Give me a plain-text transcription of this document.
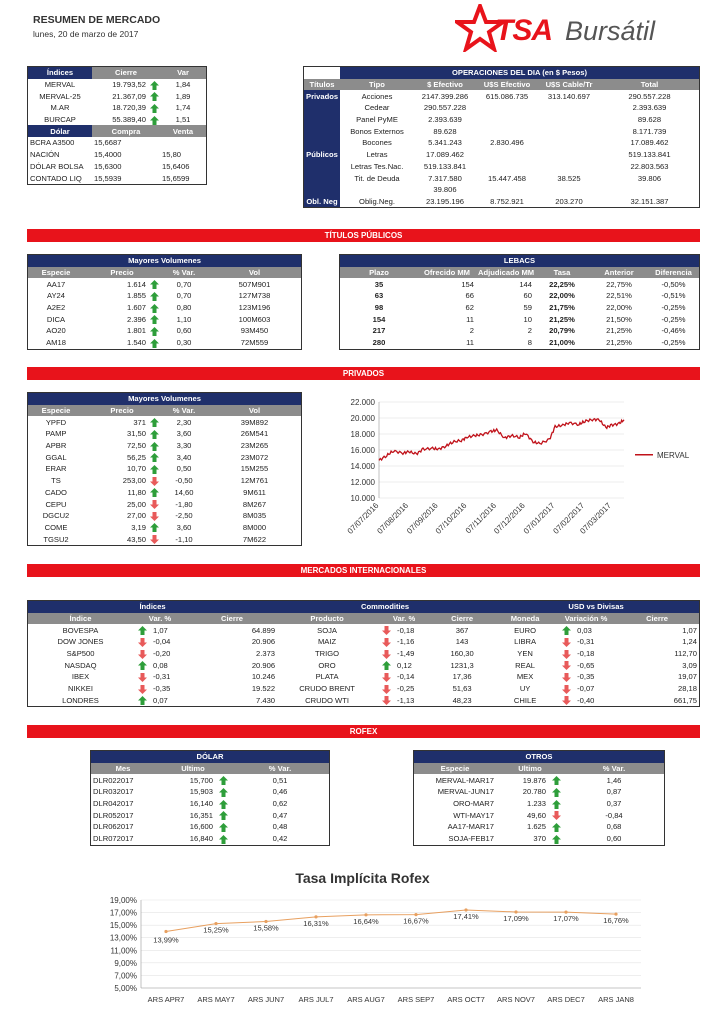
RESUMEN DE MERCADO
lunes, 20 de marzo de 2017	TSA Bursátil
Índices	Cierre		Var
MERVAL	19.793,52		1,84
MERVAL-25	21.367,09		1,89
M.AR	18.720,39		1,74
BURCAP	55.389,40		1,51
Dólar	Compra		Venta
BCRA A3500	15,6687		
NACIÓN	15,4000		15,80
DÓLAR BOLSA	15,6300		15,6406
CONTADO LIQ	15,5939		15,6599
	OPERACIONES DEL DIA (en $ Pesos)				
Títulos	Tipo	$ Efectivo	U$S Efectivo	U$S Cable/Tr	Total
Privados	Acciones	2147.399.286	615.086.735	313.140.697	290.557.228
	Cedear	290.557.228			2.393.639
	Panel PyME	2.393.639			89.628
	Bonos Externos	89.628			8.171.739
	Bocones	5.341.243	2.830.496		17.089.462
Públicos	Letras	17.089.462			519.133.841
	Letras Tes.Nac.	519.133.841			22.803.563
	Tit. de Deuda	7.317.580	15.447.458	38.525	39.806
		39.806			
Obl. Neg	Oblig.Neg.	23.195.196	8.752.921	203.270	32.151.387
TÍTULOS PÚBLICOS
Mayores Volumenes				
Especie	Precio		% Var.	Vol
AA17	1.614		0,70	507M901
AY24	1.855		0,70	127M738
A2E2	1.607		0,80	123M196
DICA	2.396		1,10	100M603
AO20	1.801		0,60	93M450
AM18	1.540		0,30	72M559
LEBACS					
Plazo	Ofrecido MM	Adjudicado MM	Tasa	Anterior	Diferencia
35	154	144	22,25%	22,75%	-0,50%
63	66	60	22,00%	22,51%	-0,51%
98	62	59	21,75%	22,00%	-0,25%
154	11	10	21,25%	21,50%	-0,25%
217	2	2	20,79%	21,25%	-0,46%
280	11	8	21,00%	21,25%	-0,25%
PRIVADOS
Mayores Volumenes				
Especie	Precio		% Var.	Vol
YPFD	371		2,30	39M892
PAMP	31,50		3,60	26M541
APBR	72,50		3,30	23M265
GGAL	56,25		3,40	23M072
ERAR	10,70		0,50	15M255
TS	253,00		-0,50	12M761
CADO	11,80		14,60	9M611
CEPU	25,00		-1,80	8M267
DGCU2	27,00		-2,50	8M035
COME	3,19		3,60	8M000
TGSU2	43,50		-1,10	7M622
22.000
20.000
18.000
16.000
14.000
12.000
10.000
07/07/2016
07/08/2016
07/09/2016
07/10/2016
07/11/2016
07/12/2016
07/01/2017
07/02/2017
07/03/2017
MERVAL
MERCADOS INTERNACIONALES
Índices				Commodities				USD vs Divisas			
Índice	Var. %		Cierre	Producto	Var. %		Cierre	Moneda	Variación %		Cierre
BOVESPA		1,07	64.899	SOJA		-0,18	367	EURO		0,03	1,07
DOW JONES		-0,04	20.906	MAIZ		-1,16	143	LIBRA		-0,31	1,24
S&P500		-0,20	2.373	TRIGO		-1,49	160,30	YEN		-0,18	112,70
NASDAQ		0,08	20.906	ORO		0,12	1231,3	REAL		-0,65	3,09
IBEX		-0,31	10.246	PLATA		-0,14	17,36	MEX		-0,35	19,07
NIKKEI		-0,35	19.522	CRUDO BRENT		-0,25	51,63	UY		-0,07	28,18
LONDRES		0,07	7.430	CRUDO WTI		-1,13	48,23	CHILE		-0,40	661,75
ROFEX
DÓLAR			
Mes	Ultimo		% Var.
DLR022017	15,700		0,51
DLR032017	15,903		0,46
DLR042017	16,140		0,62
DLR052017	16,351		0,47
DLR062017	16,600		0,48
DLR072017	16,840		0,42
OTROS			
Especie	Ultimo		% Var.
MERVAL-MAR17	19.876		1,46
MERVAL-JUN17	20.780		0,87
ORO-MAR7	1.233		0,37
WTI-MAY17	49,60		-0,84
AA17-MAR17	1.625		0,68
SOJA-FEB17	370		0,60
Tasa Implícita Rofex
19,00%
17,00%
15,00%
13,00%
11,00%
9,00%
7,00%
5,00%
13,99%
ARS APR7
15,25%
ARS MAY7
15,58%
ARS JUN7
16,31%
ARS JUL7
16,64%
ARS AUG7
16,67%
ARS SEP7
17,41%
ARS OCT7
17,09%
ARS NOV7
17,07%
ARS DEC7
16,76%
ARS JAN8
